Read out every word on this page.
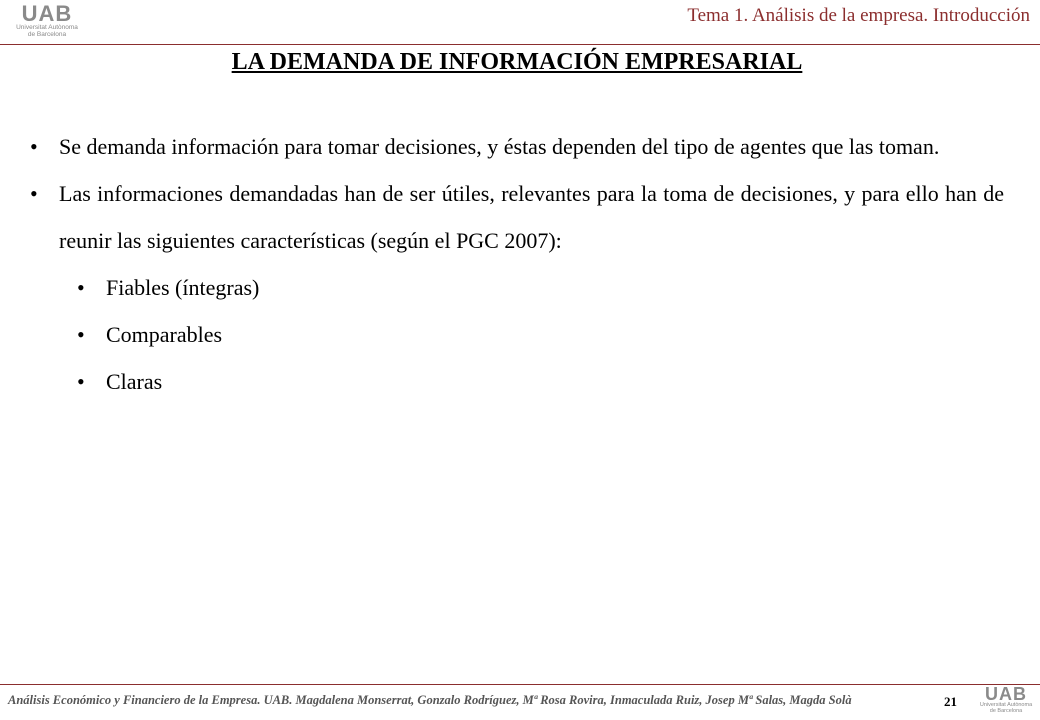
UAB
Universitat Autònoma
de Barcelona
Tema 1. Análisis de la empresa. Introducción
LA DEMANDA DE INFORMACIÓN EMPRESARIAL
• Se demanda información para tomar decisiones, y éstas dependen del tipo de agentes que las toman.
• Las informaciones demandadas han de ser útiles, relevantes para la toma de decisiones, y para ello han de reunir las siguientes características (según el PGC 2007):
• Fiables (íntegras)
• Comparables
• Claras
Análisis Económico y Financiero de la Empresa. UAB. Magdalena Monserrat, Gonzalo Rodríguez, Mª Rosa Rovira, Inmaculada Ruiz, Josep Mª Salas, Magda Solà	21	UAB
Universitat Autònoma
de Barcelona
